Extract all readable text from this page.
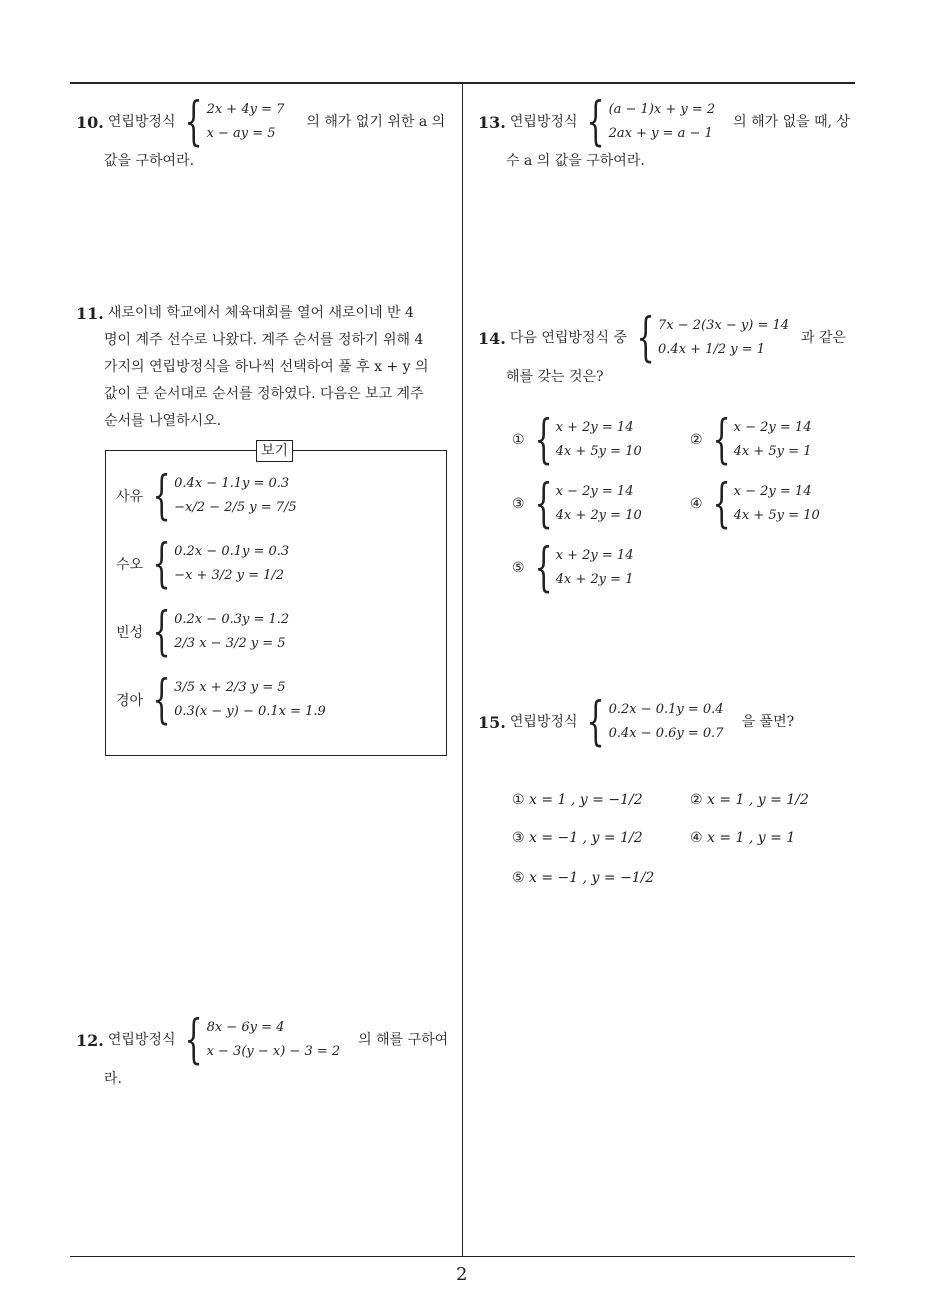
2
10. 연립방정식 { 2x + 4y = 7
x − ay = 5
의 해가 없기 위한 a 의
값을 구하여라.
11. 새로이네 학교에서 체육대회를 열어 새로이네 반 4
명이 계주 선수로 나왔다. 계주 순서를 정하기 위해 4
가지의 연립방정식을 하나씩 선택하여 풀 후 x + y 의
값이 큰 순서대로 순서를 정하였다. 다음은 보고 계주
순서를 나열하시오.
보기
사유 { 0.4x − 1.1y = 0.3
−x/2 − 2/5 y = 7/5
수오 { 0.2x − 0.1y = 0.3
−x + 3/2 y = 1/2
빈성 { 0.2x − 0.3y = 1.2
2/3 x − 3/2 y = 5
경아 { 3/5 x + 2/3 y = 5
0.3(x − y) − 0.1x = 1.9
12. 연립방정식 { 8x − 6y = 4
x − 3(y − x) − 3 = 2
의 해를 구하여
라.
13. 연립방정식 { (a − 1)x + y = 2
2ax + y = a − 1
의 해가 없을 때, 상
수 a 의 값을 구하여라.
14. 다음 연립방정식 중 { 7x − 2(3x − y) = 14
0.4x + 1/2 y = 1
과 같은
해를 갖는 것은?
① { x + 2y = 14
4x + 5y = 10
② { x − 2y = 14
4x + 5y = 1
③ { x − 2y = 14
4x + 2y = 10
④ { x − 2y = 14
4x + 5y = 10
⑤ { x + 2y = 14
4x + 2y = 1
15. 연립방정식 { 0.2x − 0.1y = 0.4
0.4x − 0.6y = 0.7
을 풀면?
① x = 1 , y = −1/2	② x = 1 , y = 1/2
③ x = −1 , y = 1/2	④ x = 1 , y = 1
⑤ x = −1 , y = −1/2
